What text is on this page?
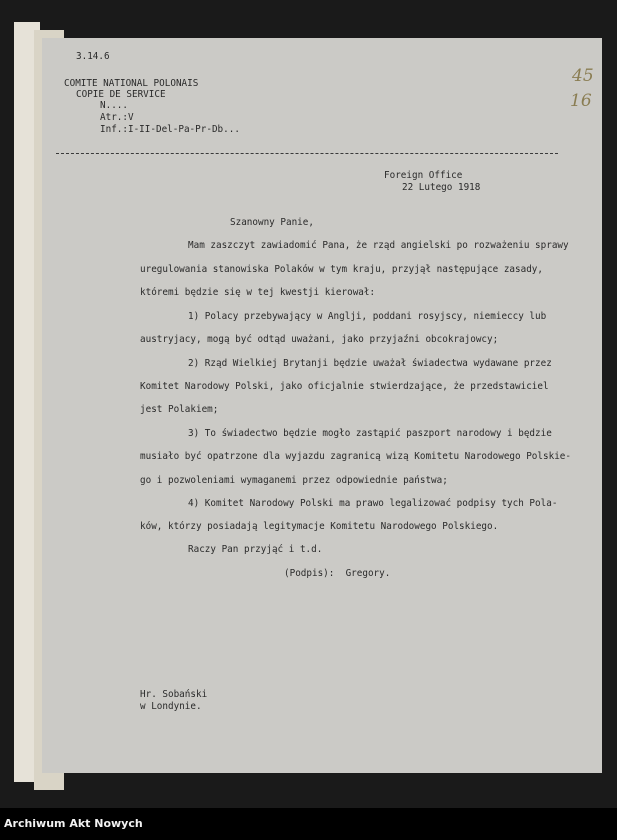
3.14.6
COMITE NATIONAL POLONAIS
COPIE DE SERVICE
N....
Atr.:V
Inf.:I-II-Del-Pa-Pr-Db...
45
16
Foreign Office
22 Lutego 1918
Szanowny Panie,
Mam zaszczyt zawiadomić Pana, że rząd angielski po rozważeniu sprawy
uregulowania stanowiska Polaków w tym kraju, przyjął następujące zasady,
któremi będzie się w tej kwestji kierował:
1) Polacy przebywający w Anglji, poddani rosyjscy, niemieccy lub
austryjacy, mogą być odtąd uważani, jako przyjaźni obcokrajowcy;
2) Rząd Wielkiej Brytanji będzie uważał świadectwa wydawane przez
Komitet Narodowy Polski, jako oficjalnie stwierdzające, że przedstawiciel
jest Polakiem;
3) To świadectwo będzie mogło zastąpić paszport narodowy i będzie
musiało być opatrzone dla wyjazdu zagranicą wizą Komitetu Narodowego Polskie-
go i pozwoleniami wymaganemi przez odpowiednie państwa;
4) Komitet Narodowy Polski ma prawo legalizować podpisy tych Pola-
ków, którzy posiadają legitymacje Komitetu Narodowego Polskiego.
Raczy Pan przyjąć i t.d.
(Podpis):  Gregory.
Hr. Sobański
w Londynie.
Archiwum Akt Nowych
